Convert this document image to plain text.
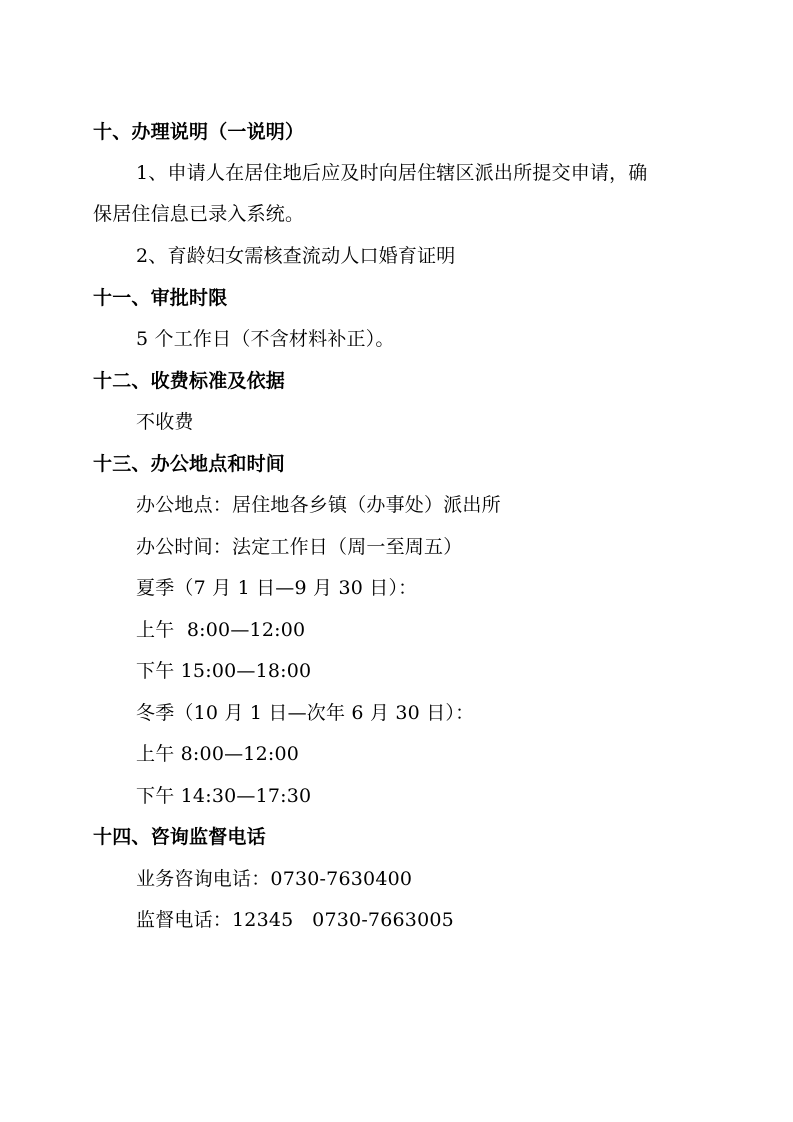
十、办理说明（一说明）
1、申请人在居住地后应及时向居住辖区派出所提交申请，确
保居住信息已录入系统。
2、育龄妇女需核查流动人口婚育证明
十一、审批时限
5 个工作日（不含材料补正）。
十二、收费标准及依据
不收费
十三、办公地点和时间
办公地点：居住地各乡镇（办事处）派出所
办公时间：法定工作日（周一至周五）
夏季（7 月 1 日—9 月 30 日）：
上午  8:00—12:00
下午 15:00—18:00
冬季（10 月 1 日—次年 6 月 30 日）：
上午 8:00—12:00
下午 14:30—17:30
十四、咨询监督电话
业务咨询电话：0730-7630400
监督电话：12345   0730-7663005
